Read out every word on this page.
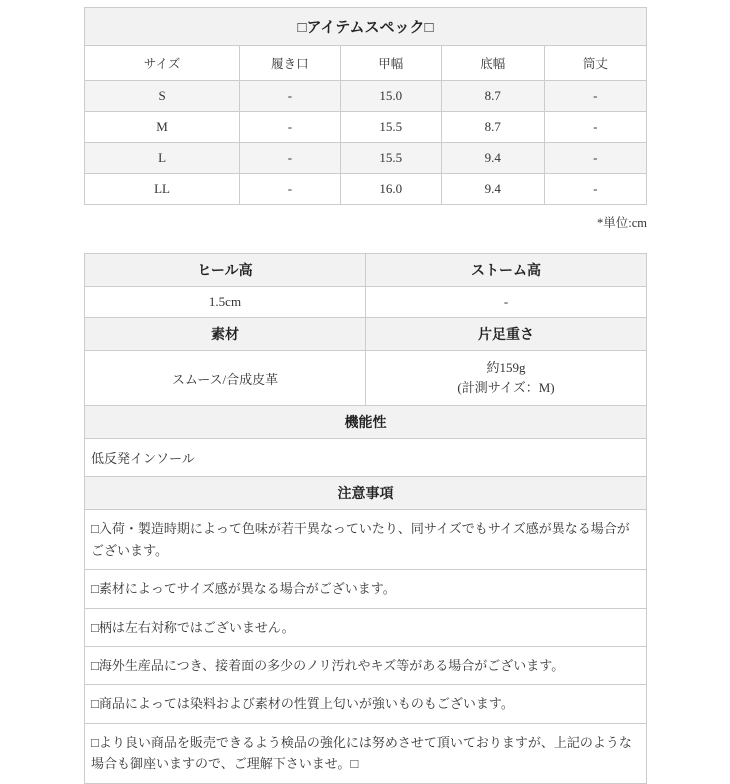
□アイテムスペック□				
サイズ	履き口	甲幅	底幅	筒丈
S	-	15.0	8.7	-
M	-	15.5	8.7	-
L	-	15.5	9.4	-
LL	-	16.0	9.4	-
*単位:cm
ヒール高	ストーム高
1.5cm	-
素材	片足重さ
スムース/合成皮革	約159g
(計測サイズ：M)

機能性	
低反発インソール	
注意事項	
□入荷・製造時期によって色味が若干異なっていたり、同サイズでもサイズ感が異なる場合がございます。	
□素材によってサイズ感が異なる場合がございます。	
□柄は左右対称ではございません。	
□海外生産品につき、接着面の多少のノリ汚れやキズ等がある場合がございます。	
□商品によっては染料および素材の性質上匂いが強いものもございます。	
□より良い商品を販売できるよう検品の強化には努めさせて頂いておりますが、上記のような場合も御座いますので、ご理解下さいませ。□	
